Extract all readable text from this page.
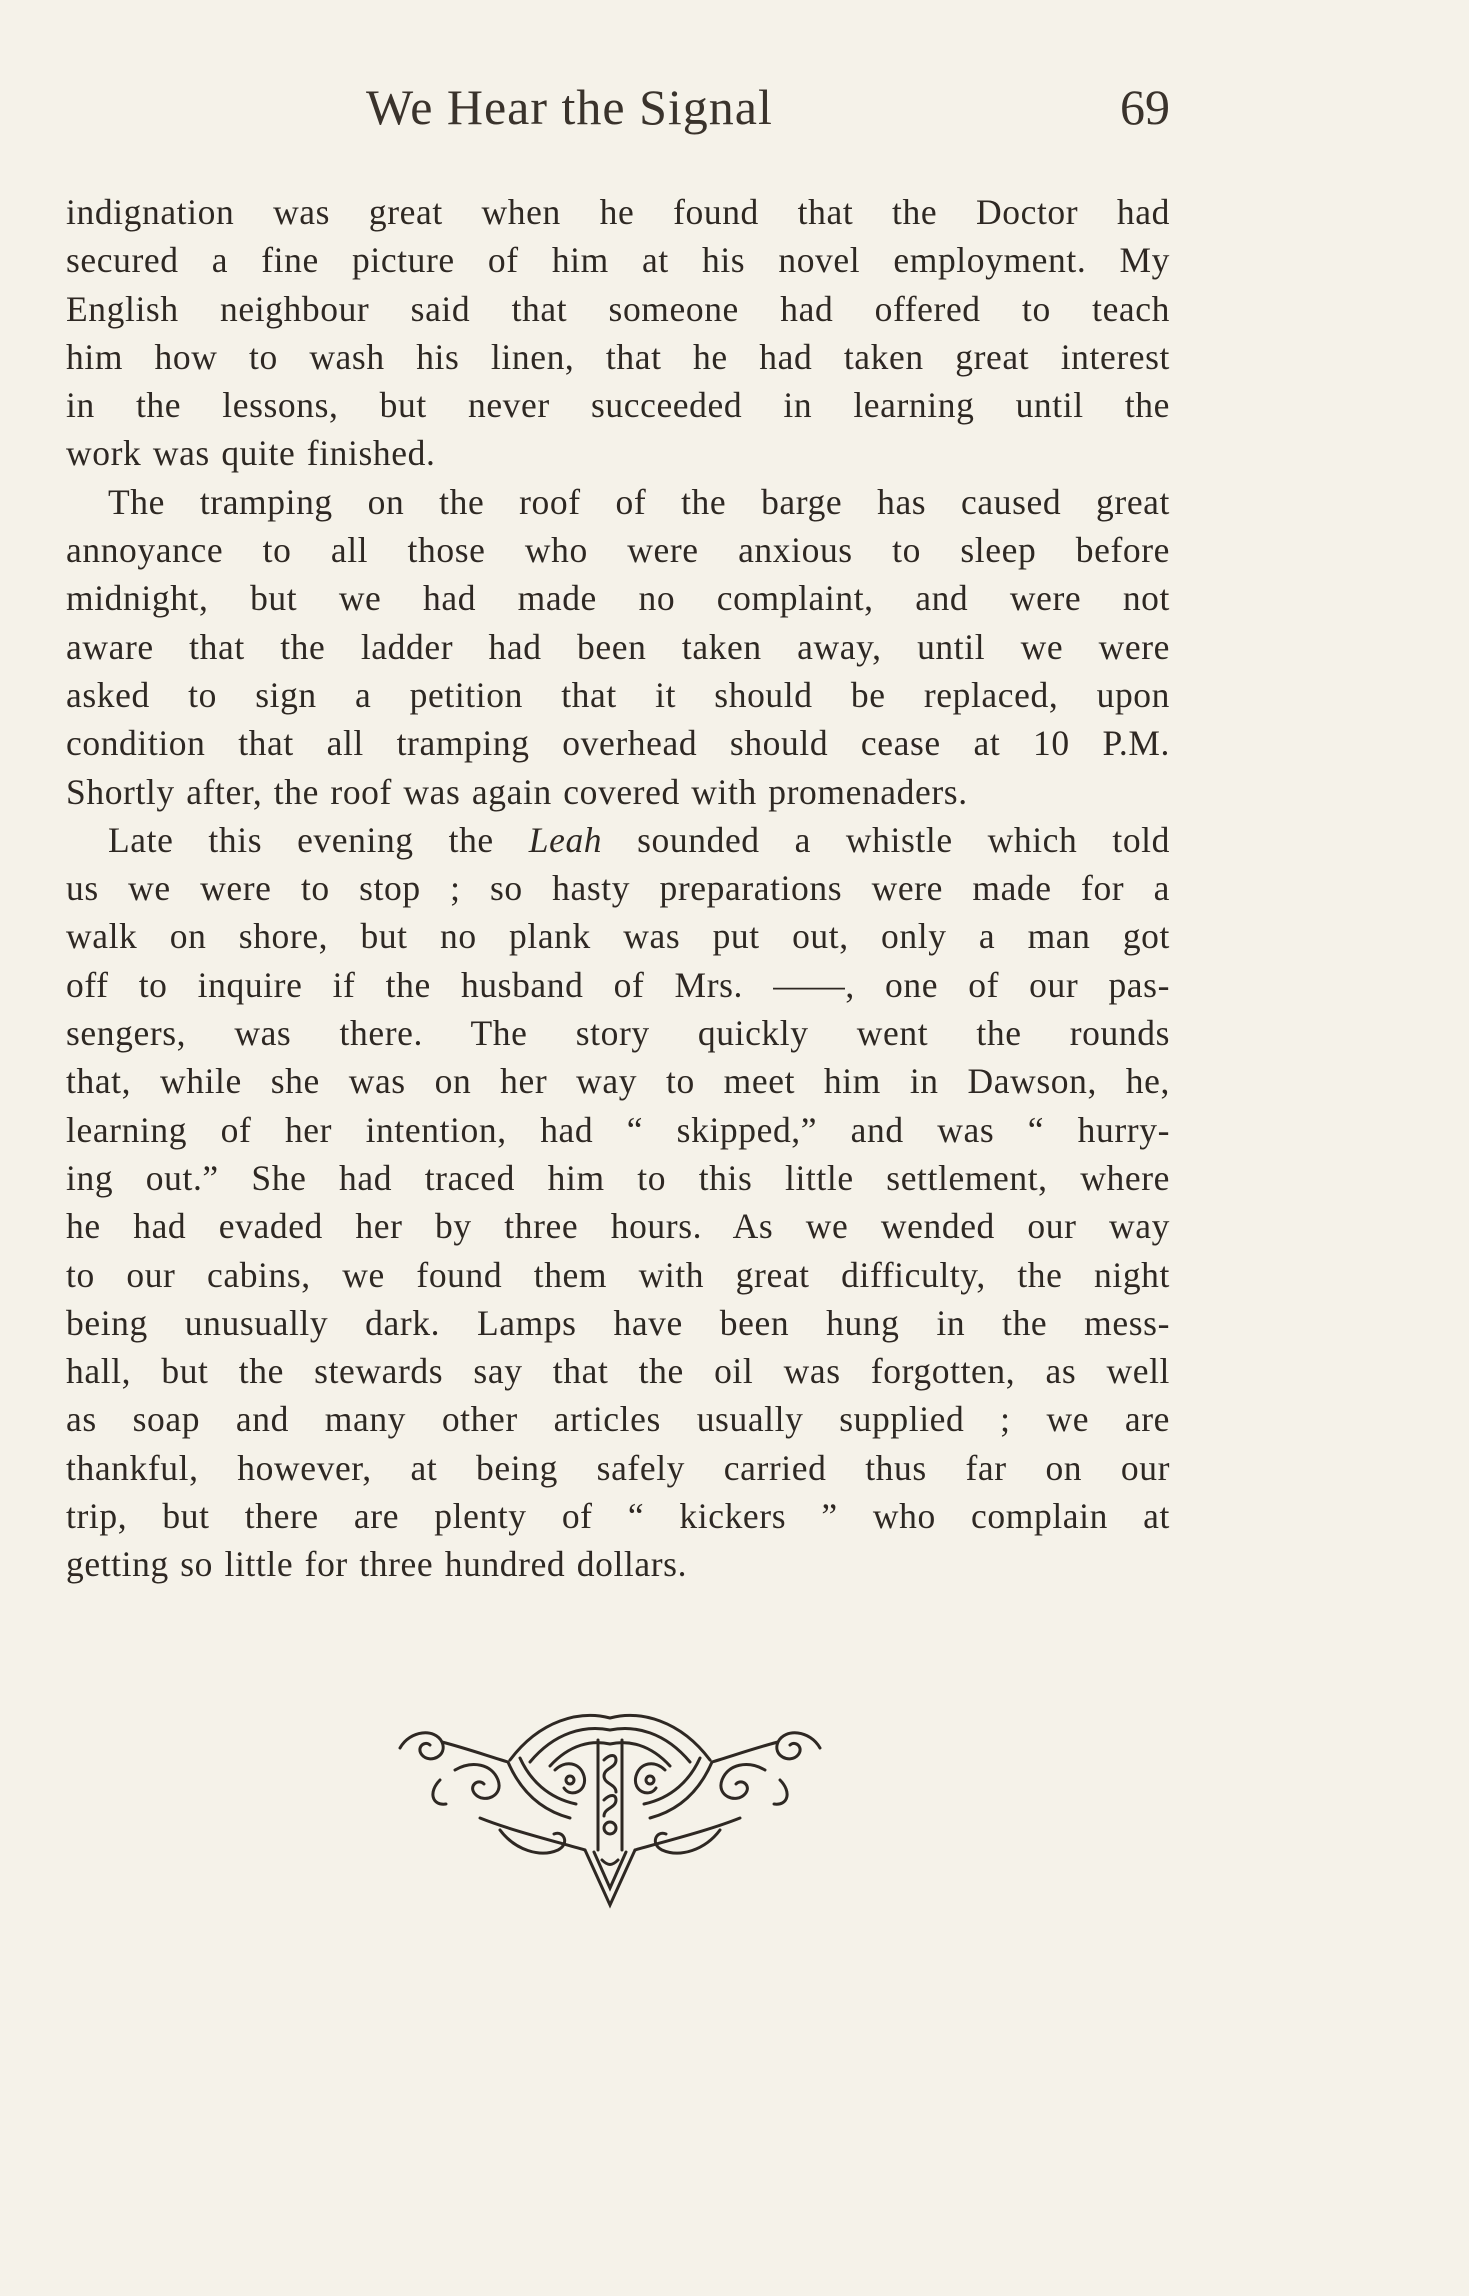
We Hear the Signal	69
indignation was great when he found that the Doctor had
secured a fine picture of him at his novel employment. My
English neighbour said that someone had offered to teach
him how to wash his linen, that he had taken great interest
in the lessons, but never succeeded in learning until the
work was quite finished.
The tramping on the roof of the barge has caused great
annoyance to all those who were anxious to sleep before
midnight, but we had made no complaint, and were not
aware that the ladder had been taken away, until we were
asked to sign a petition that it should be replaced, upon
condition that all tramping overhead should cease at 10 P.M.
Shortly after, the roof was again covered with promenaders.
Late this evening the Leah sounded a whistle which told
us we were to stop ; so hasty preparations were made for a
walk on shore, but no plank was put out, only a man got
off to inquire if the husband of Mrs. ——, one of our pas-
sengers, was there. The story quickly went the rounds
that, while she was on her way to meet him in Dawson, he,
learning of her intention, had “ skipped,” and was “ hurry-
ing out.” She had traced him to this little settlement, where
he had evaded her by three hours. As we wended our way
to our cabins, we found them with great difficulty, the night
being unusually dark. Lamps have been hung in the mess-
hall, but the stewards say that the oil was forgotten, as well
as soap and many other articles usually supplied ; we are
thankful, however, at being safely carried thus far on our
trip, but there are plenty of “ kickers ” who complain at
getting so little for three hundred dollars.
